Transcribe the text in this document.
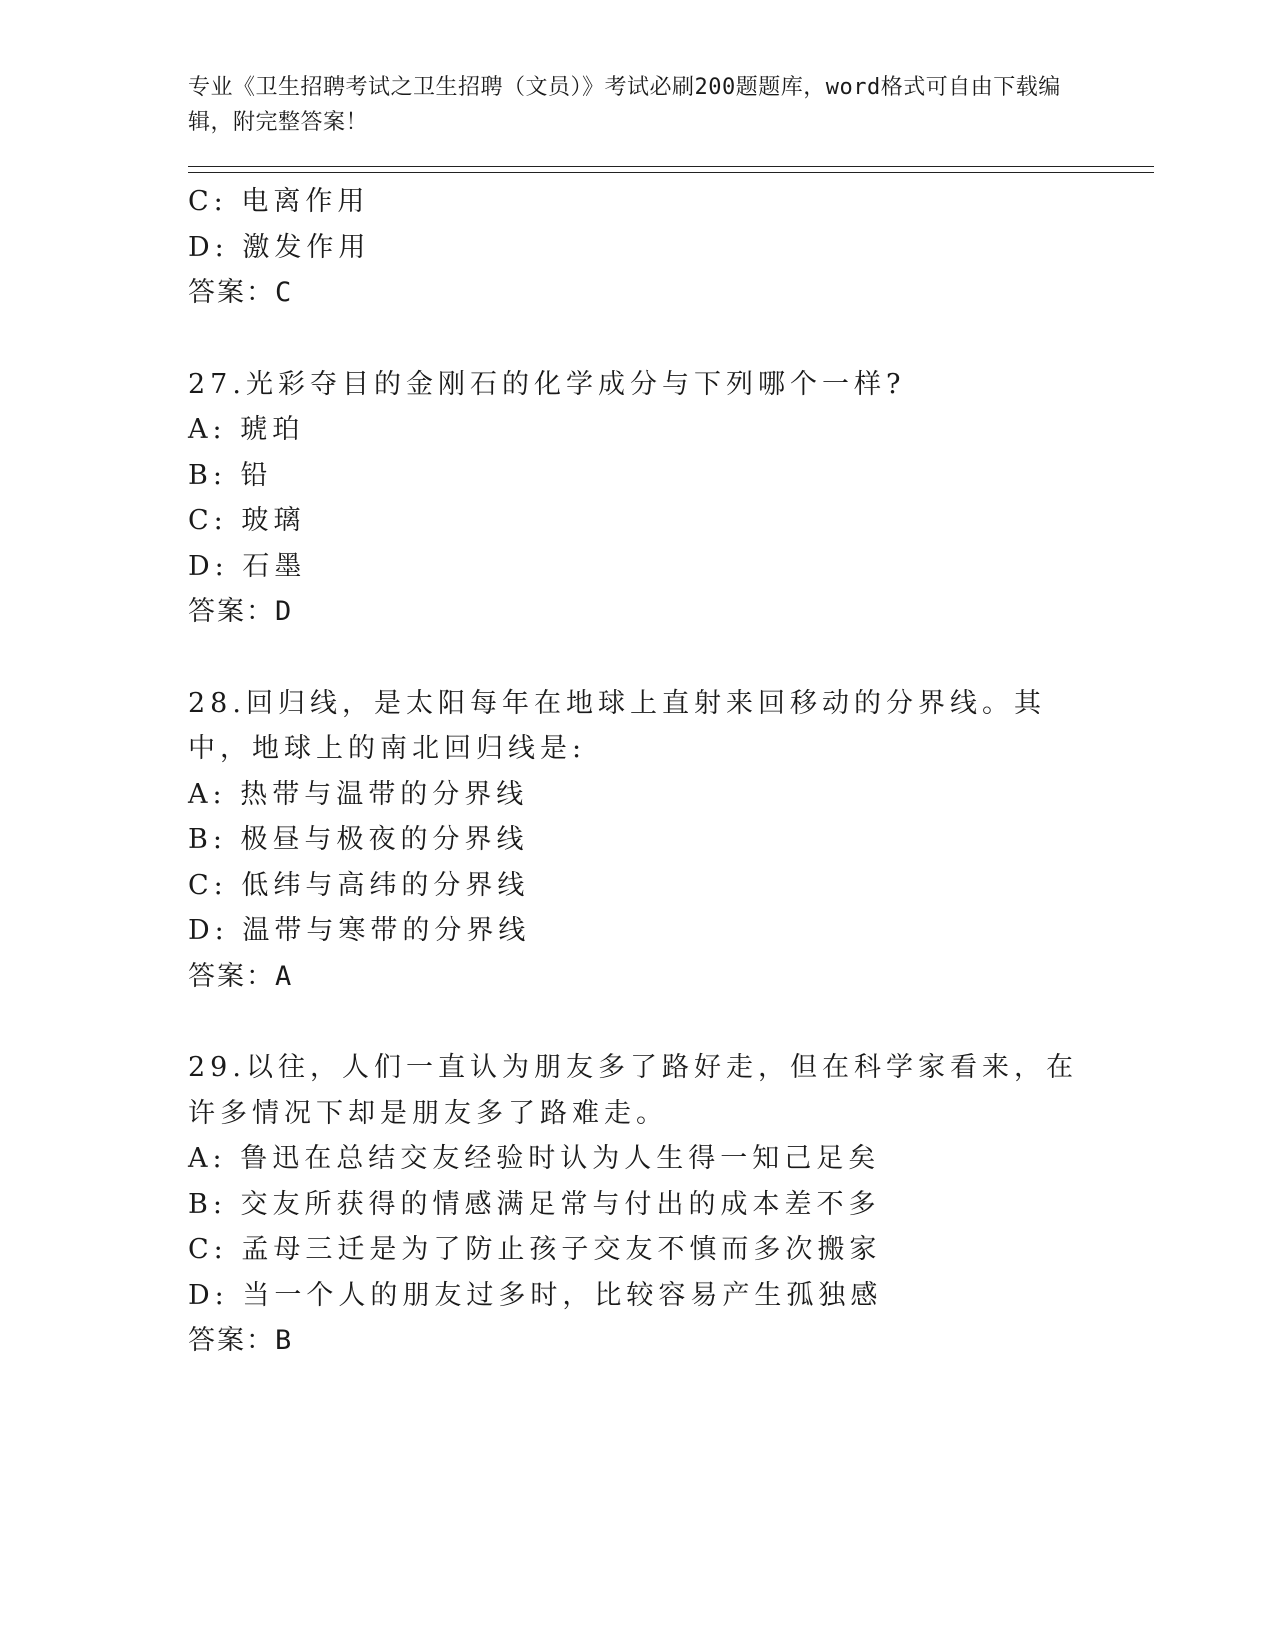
专业《卫生招聘考试之卫生招聘（文员）》考试必刷200题题库，word格式可自由下载编辑，附完整答案！
C: 电离作用
D: 激发作用
答案：C
27.光彩夺目的金刚石的化学成分与下列哪个一样?
A: 琥珀
B: 铅
C: 玻璃
D: 石墨
答案：D
28.回归线，是太阳每年在地球上直射来回移动的分界线。其中，地球上的南北回归线是:
A: 热带与温带的分界线
B: 极昼与极夜的分界线
C: 低纬与高纬的分界线
D: 温带与寒带的分界线
答案：A
29.以往，人们一直认为朋友多了路好走，但在科学家看来，在许多情况下却是朋友多了路难走。
A: 鲁迅在总结交友经验时认为人生得一知己足矣
B: 交友所获得的情感满足常与付出的成本差不多
C: 孟母三迁是为了防止孩子交友不慎而多次搬家
D: 当一个人的朋友过多时，比较容易产生孤独感
答案：B
